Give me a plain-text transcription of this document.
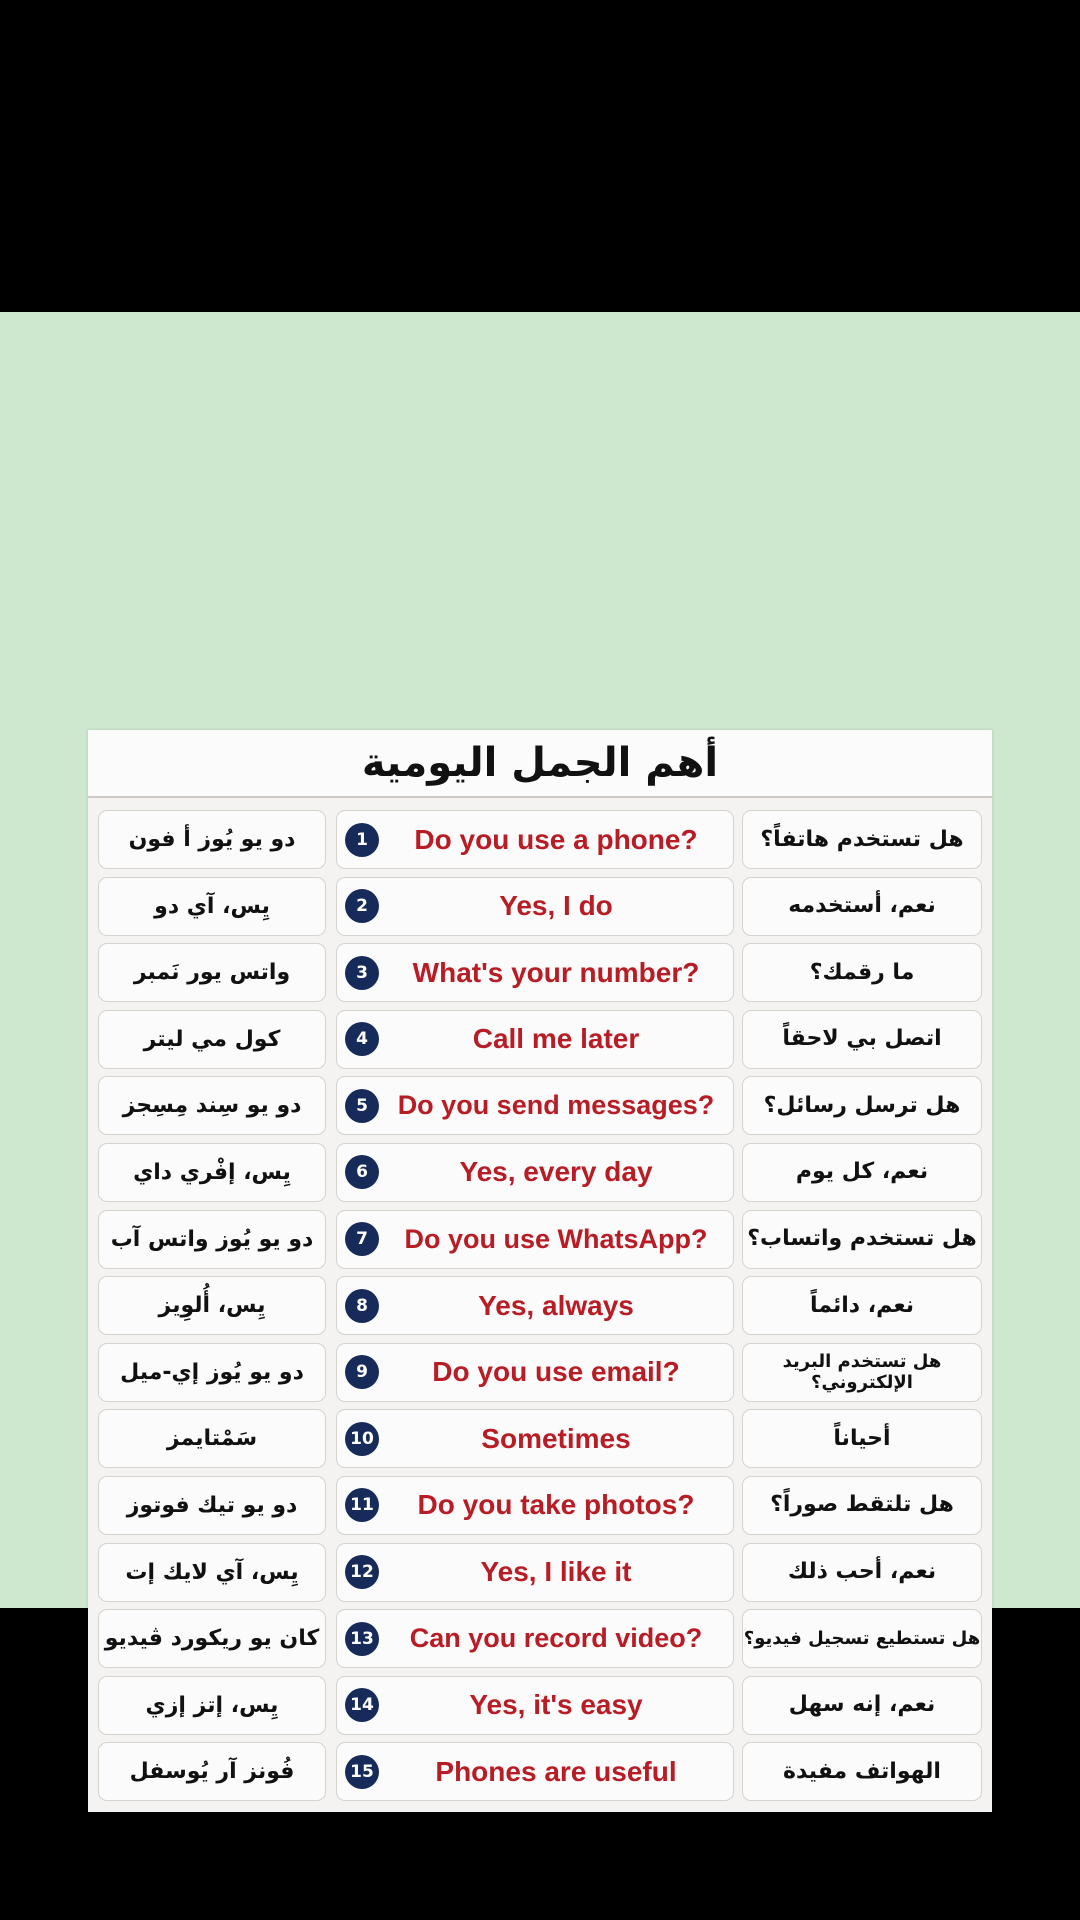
أهم الجمل اليومية
دو يو يُوز أ فون	1	Do you use a phone?	هل تستخدم هاتفاً؟
يِس، آي دو	2	Yes, I do	نعم، أستخدمه
واتس يور نَمبر	3	What's your number?	ما رقمك؟
كول مي ليتر	4	Call me later	اتصل بي لاحقاً
دو يو سِند مِسِجز	5	Do you send messages?	هل ترسل رسائل؟
يِس، إفْري داي	6	Yes, every day	نعم، كل يوم
دو يو يُوز واتس آب	7	Do you use WhatsApp?	هل تستخدم واتساب؟
يِس، أُلوِيز	8	Yes, always	نعم، دائماً
دو يو يُوز إي-ميل	9	Do you use email?	هل تستخدم البريد الإلكتروني؟
سَمْتايمز	10	Sometimes	أحياناً
دو يو تيك فوتوز	11	Do you take photos?	هل تلتقط صوراً؟
يِس، آي لايك إت	12	Yes, I like it	نعم، أحب ذلك
كان يو ريكورد ڤيديو	13	Can you record video?	هل تستطيع تسجيل فيديو؟
يِس، إتز إزي	14	Yes, it's easy	نعم، إنه سهل
فُونز آر يُوسفل	15	Phones are useful	الهواتف مفيدة
